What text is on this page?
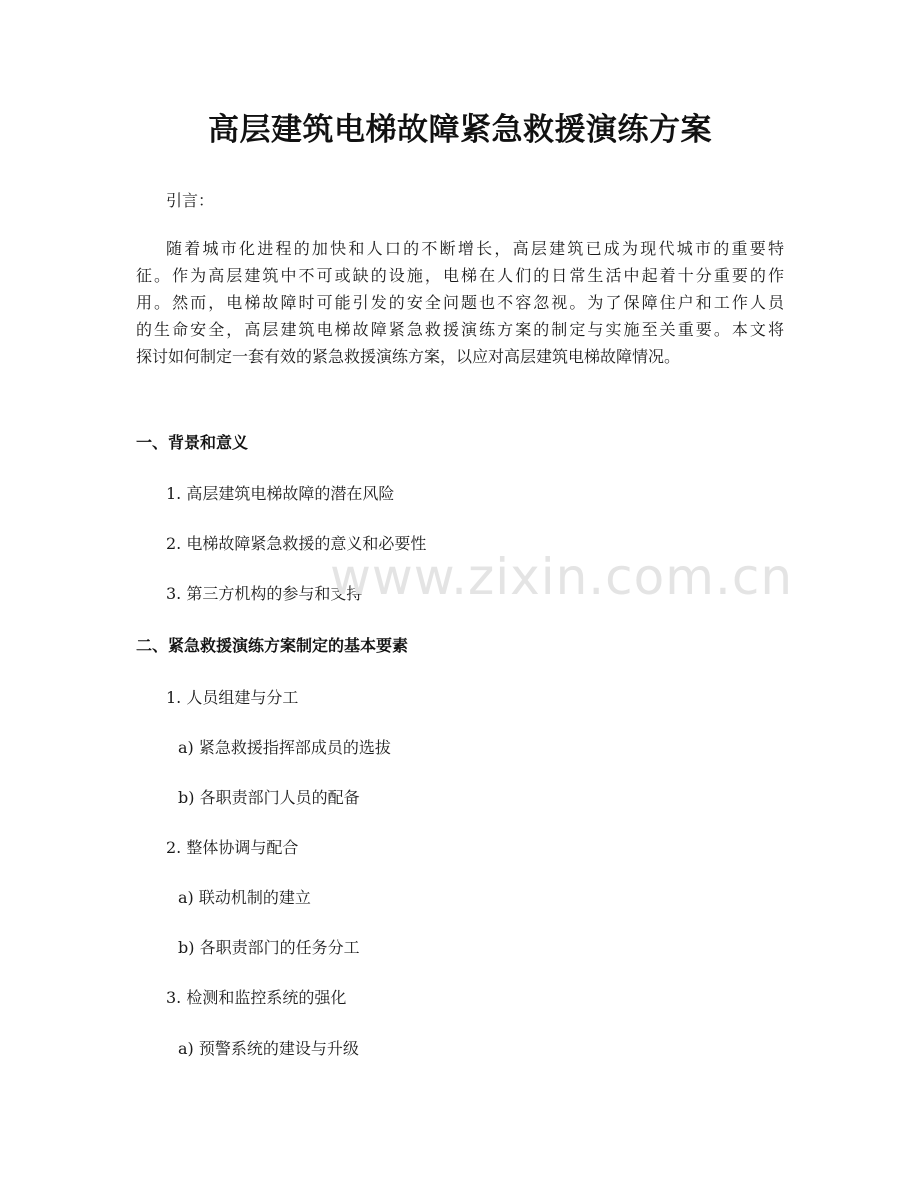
高层建筑电梯故障紧急救援演练方案
引言：
随着城市化进程的加快和人口的不断增长，高层建筑已成为现代城市的重要特
征。作为高层建筑中不可或缺的设施，电梯在人们的日常生活中起着十分重要的作
用。然而，电梯故障时可能引发的安全问题也不容忽视。为了保障住户和工作人员
的生命安全，高层建筑电梯故障紧急救援演练方案的制定与实施至关重要。本文将
探讨如何制定一套有效的紧急救援演练方案，以应对高层建筑电梯故障情况。
一、背景和意义
1. 高层建筑电梯故障的潜在风险
2. 电梯故障紧急救援的意义和必要性
3. 第三方机构的参与和支持
二、紧急救援演练方案制定的基本要素
1. 人员组建与分工
a) 紧急救援指挥部成员的选拔
b) 各职责部门人员的配备
2. 整体协调与配合
a) 联动机制的建立
b) 各职责部门的任务分工
3. 检测和监控系统的强化
a) 预警系统的建设与升级
www.zixin.com.cn
